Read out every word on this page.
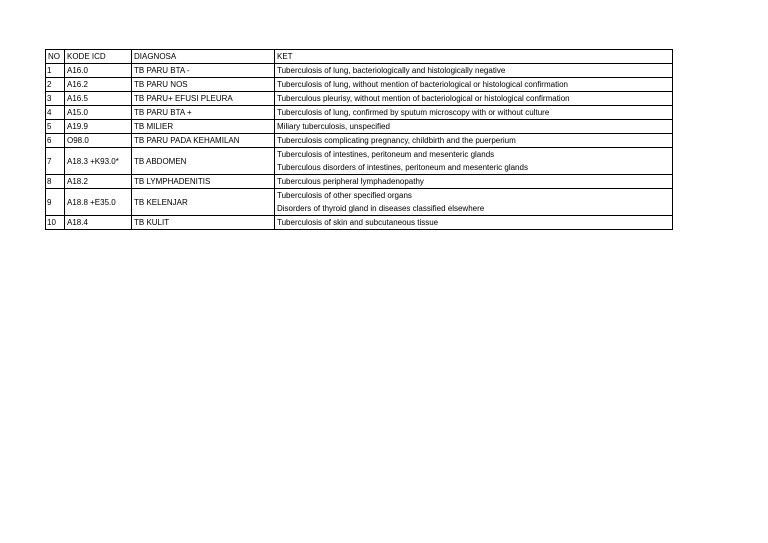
NO	KODE ICD	DIAGNOSA	KET
1	A16.0	TB PARU BTA -	Tuberculosis of lung, bacteriologically and histologically negative

2	A16.2	TB PARU NOS	Tuberculosis of lung, without mention of bacteriological or histological confirmation

3	A16.5	TB PARU+ EFUSI PLEURA	Tuberculous pleurisy, without mention of bacteriological or histological confirmation

4	A15.0	TB PARU BTA +	Tuberculosis of lung, confirmed by sputum microscopy with or without culture

5	A19.9	TB MILIER	Miliary tuberculosis, unspecified

6	O98.0	TB PARU PADA KEHAMILAN	Tuberculosis complicating pregnancy, childbirth and the puerperium

7	A18.3 +K93.0*	TB ABDOMEN	Tuberculosis of intestines, peritoneum and mesenteric glands
Tuberculous disorders of intestines, peritoneum and mesenteric glands

8	A18.2	TB LYMPHADENITIS	Tuberculous peripheral lymphadenopathy

9	A18.8 +E35.0	TB KELENJAR	Tuberculosis of other specified organs
Disorders of thyroid gland in diseases classified elsewhere

10	A18.4	TB KULIT	Tuberculosis of skin and subcutaneous tissue
